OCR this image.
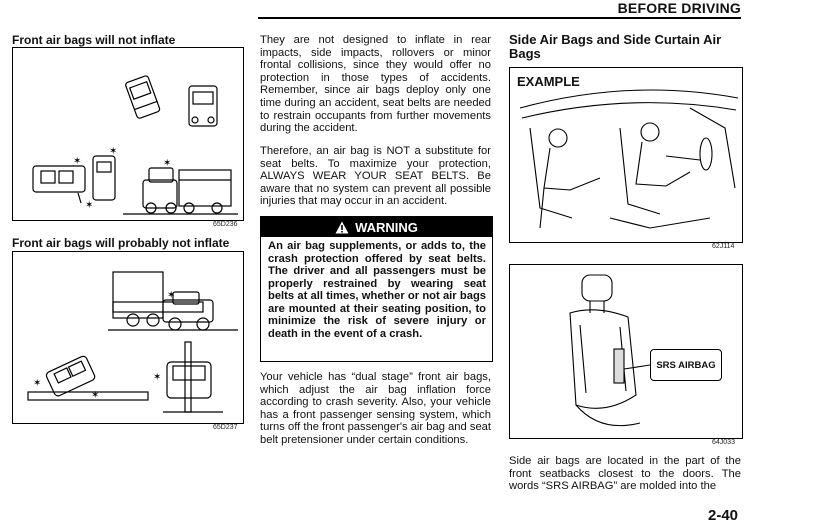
BEFORE DRIVING
Front air bags will not inflate
✶
✶
✶
✶
65D236
Front air bags will probably not inflate
✶
✶
✶
✶
65D237

They are not designed to inflate in rear impacts, side impacts, rollovers or minor frontal collisions, since they would offer no protection in those types of accidents. Remember, since air bags deploy only one time during an accident, seat belts are needed to restrain occupants from further movements during the accident.

Therefore, an air bag is NOT a substitute for seat belts. To maximize your protection, ALWAYS WEAR YOUR SEAT BELTS. Be aware that no system can prevent all possible injuries that may occur in an accident.

WARNING

An air bag supplements, or adds to, the crash protection offered by seat belts. The driver and all passengers must be properly restrained by wearing seat belts at all times, whether or not air bags are mounted at their seating position, to minimize the risk of severe injury or death in the event of a crash.

Your vehicle has “dual stage” front air bags, which adjust the air bag inflation force according to crash severity. Also, your vehicle has a front passenger sensing system, which turns off the front passenger's air bag and seat belt pretensioner under certain conditions.

Side Air Bags and Side Curtain Air Bags
EXAMPLE
62J114
SRS AIRBAG
64J033

Side air bags are located in the part of the front seatbacks closest to the doors. The words “SRS AIRBAG” are molded into the

2-40
